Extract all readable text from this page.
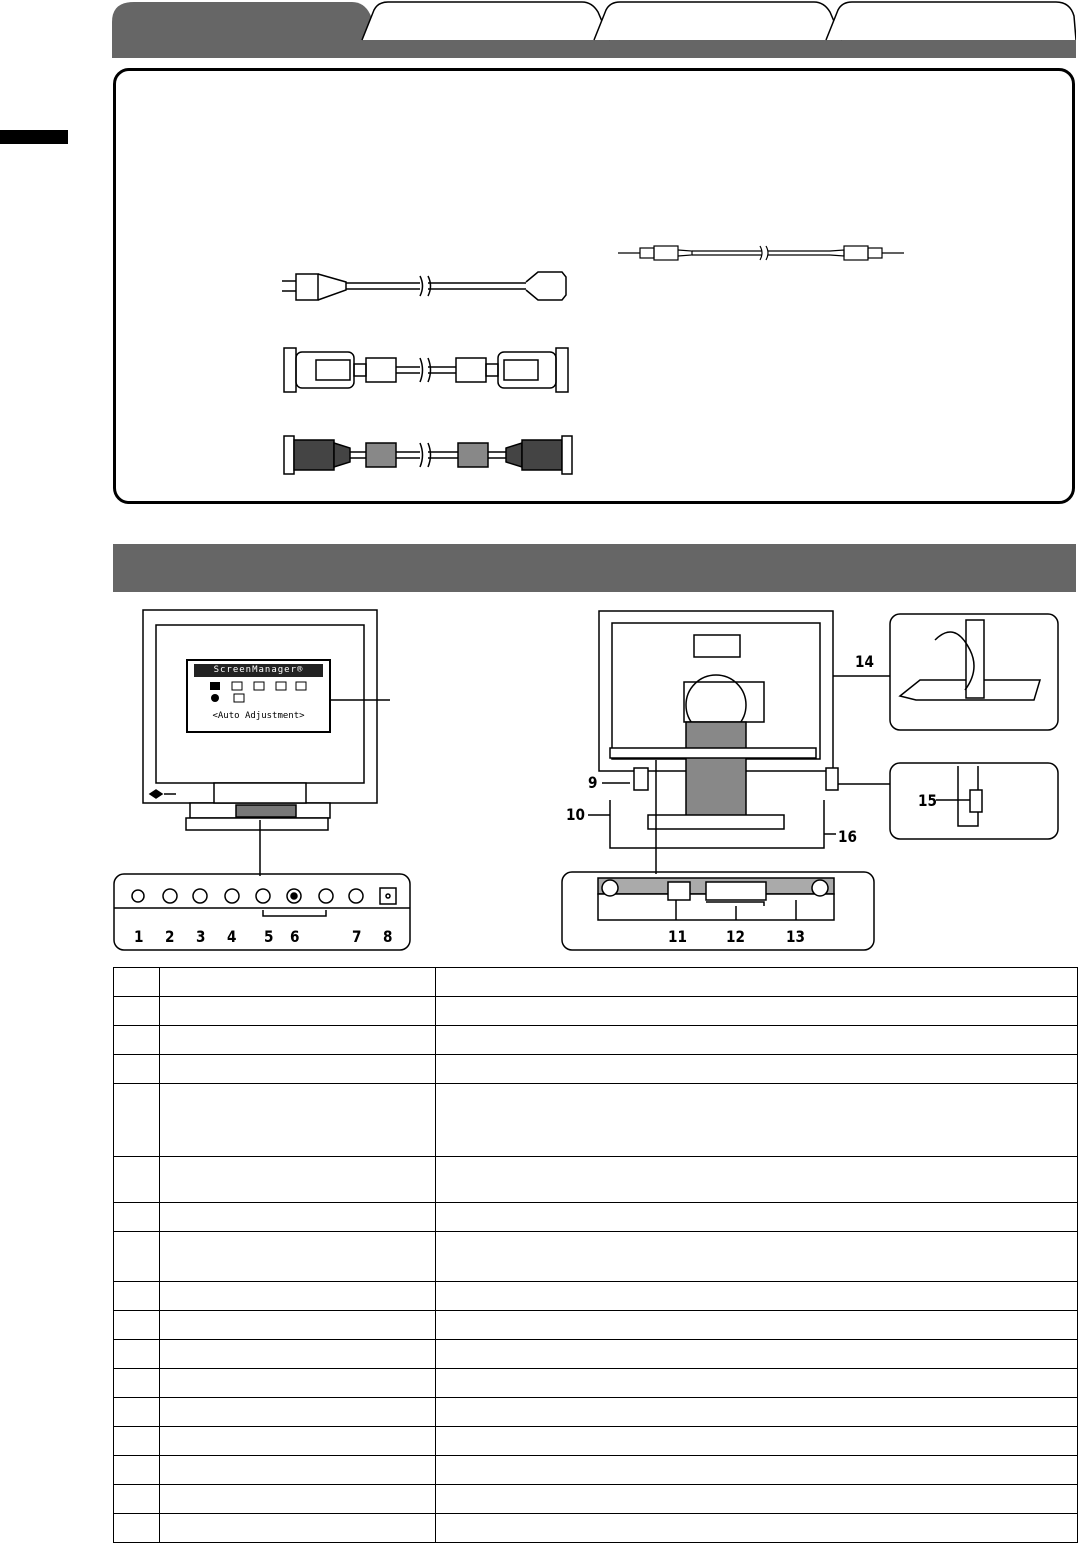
ScreenManager®
<Auto Adjustment>
1 2 3 4 5 6	7 8
9
10
11 12	13
14
15
16
